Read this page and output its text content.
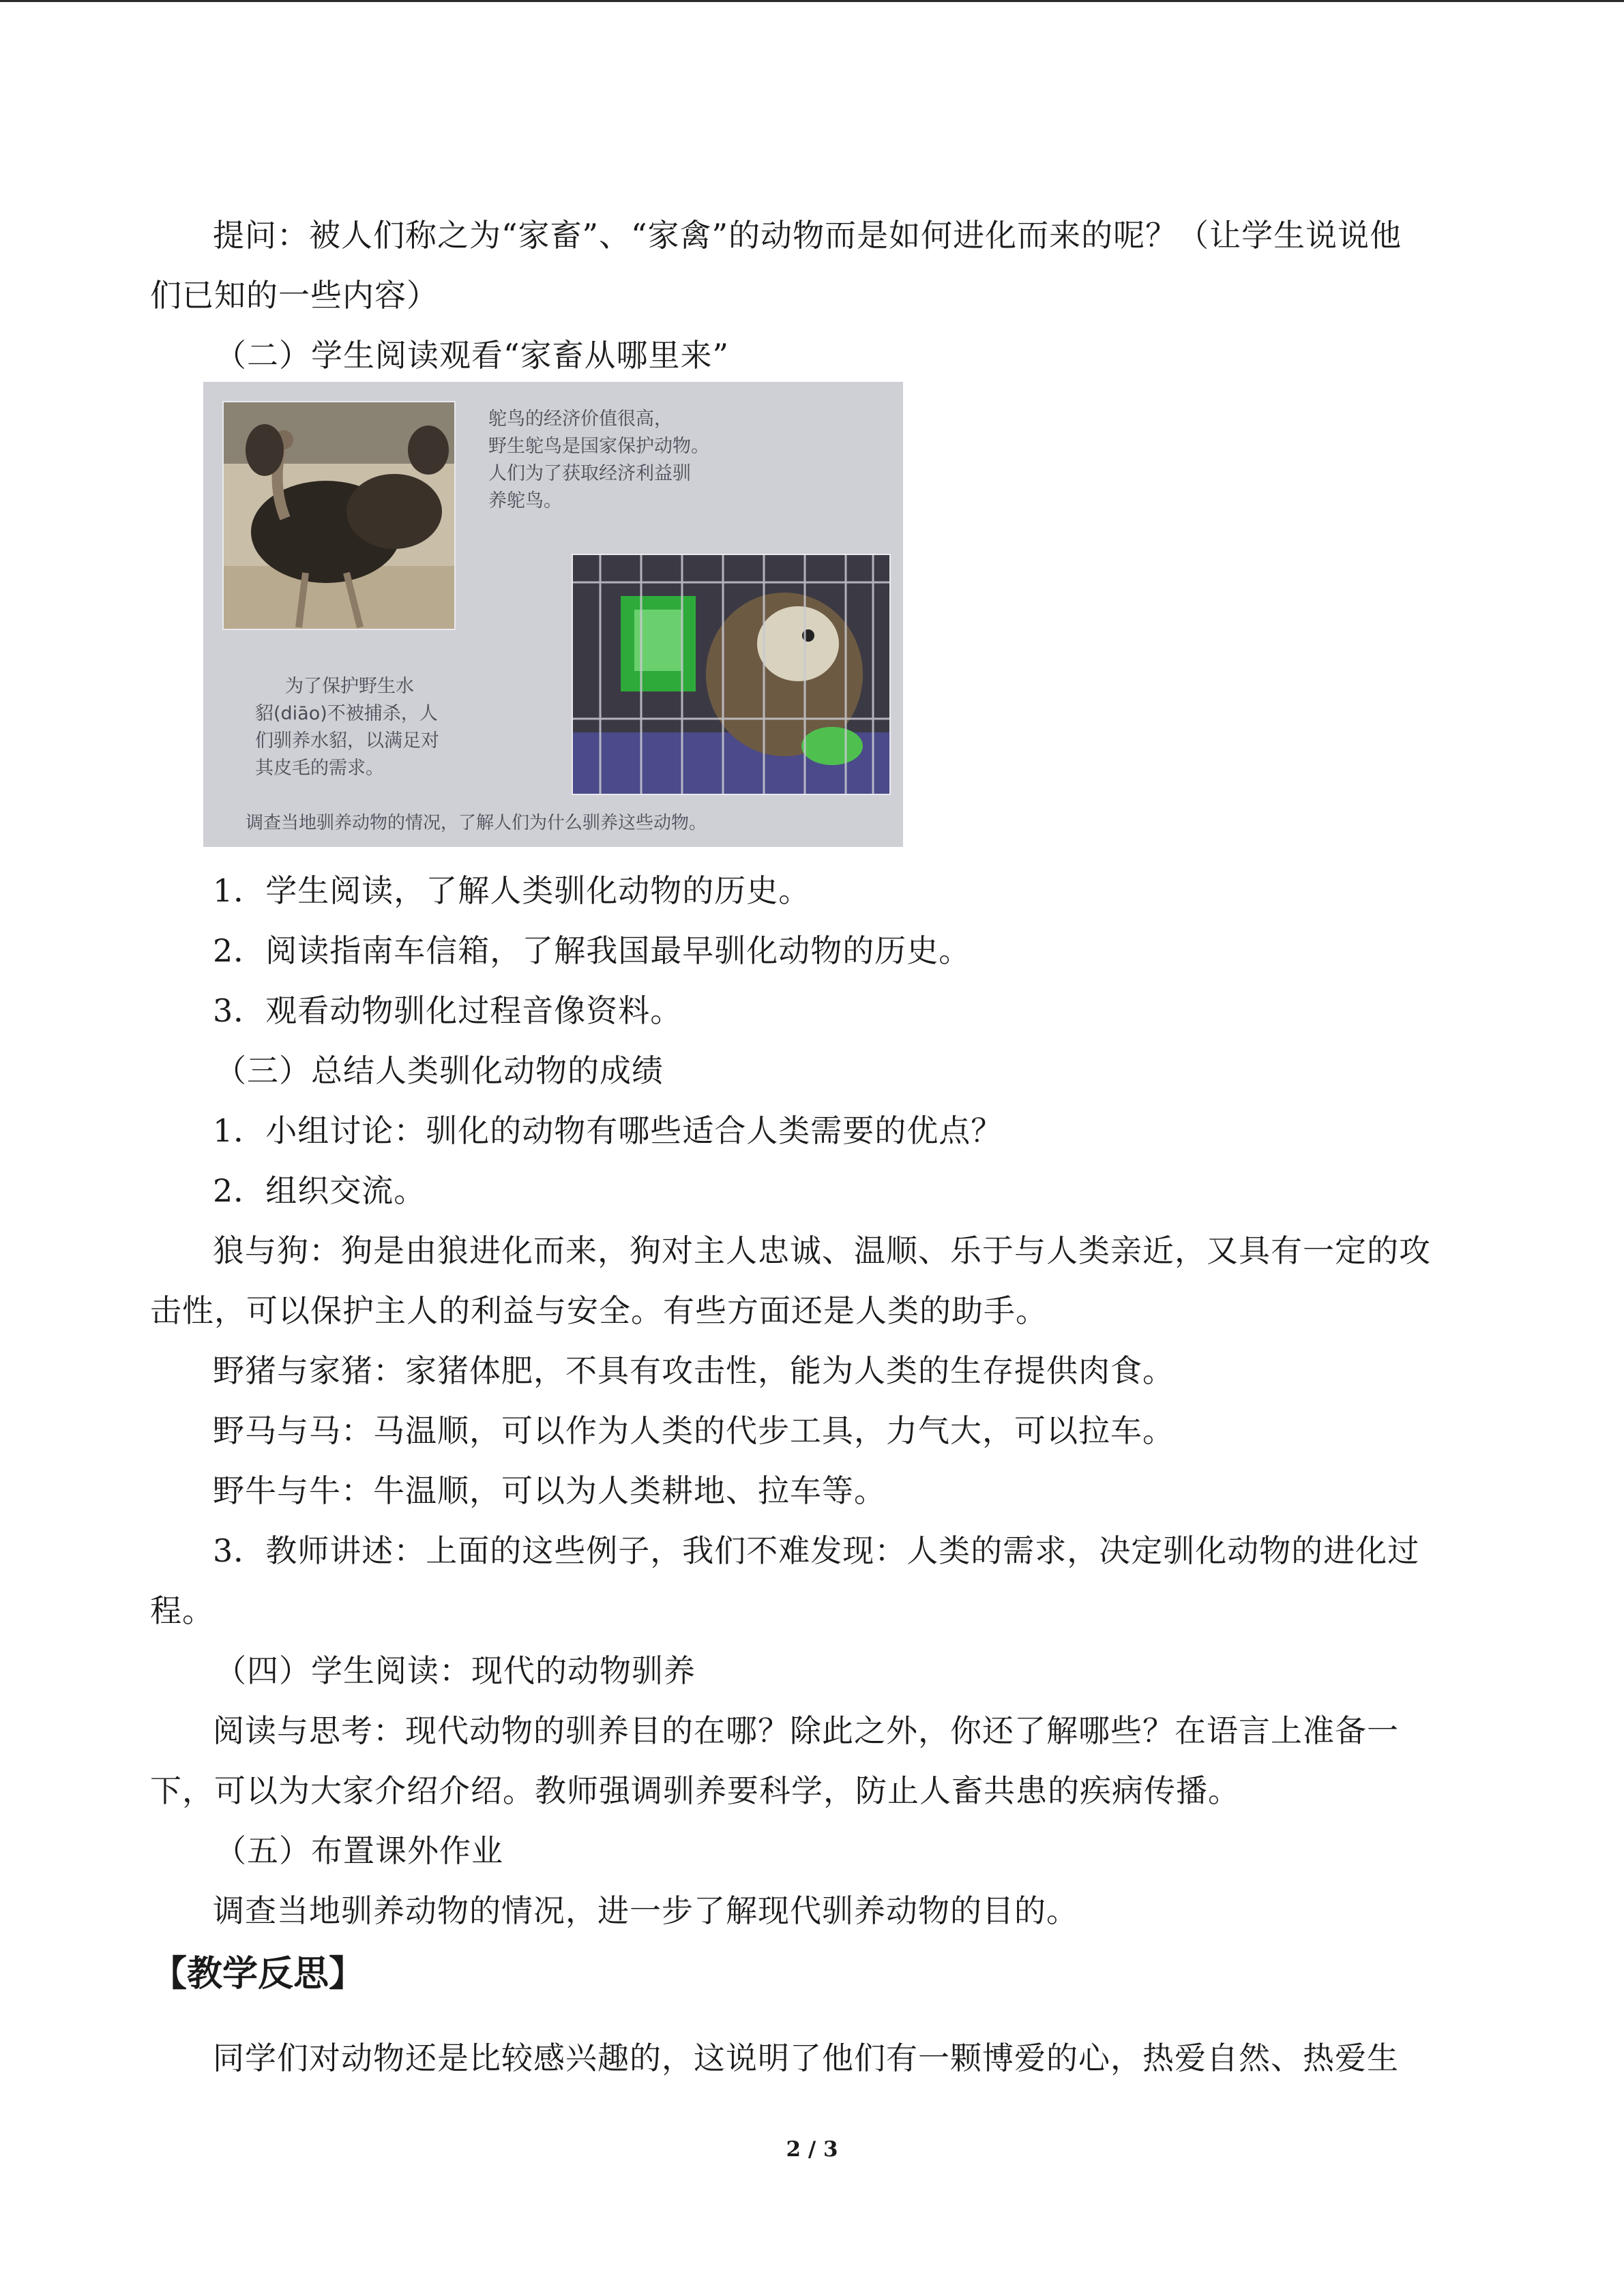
提问：被人们称之为“家畜”、“家禽”的动物而是如何进化而来的呢？（让学生说说他
们已知的一些内容）
（二）学生阅读观看“家畜从哪里来”
鸵鸟的经济价值很高，
野生鸵鸟是国家保护动物。
人们为了获取经济利益驯
养鸵鸟。
为了保护野生水
貂(diāo)不被捕杀，人
们驯养水貂，以满足对
其皮毛的需求。
调查当地驯养动物的情况，了解人们为什么驯养这些动物。
1．学生阅读，了解人类驯化动物的历史。
2．阅读指南车信箱，了解我国最早驯化动物的历史。
3．观看动物驯化过程音像资料。
（三）总结人类驯化动物的成绩
1．小组讨论：驯化的动物有哪些适合人类需要的优点？
2．组织交流。
狼与狗：狗是由狼进化而来，狗对主人忠诚、温顺、乐于与人类亲近，又具有一定的攻
击性，可以保护主人的利益与安全。有些方面还是人类的助手。
野猪与家猪：家猪体肥，不具有攻击性，能为人类的生存提供肉食。
野马与马：马温顺，可以作为人类的代步工具，力气大，可以拉车。
野牛与牛：牛温顺，可以为人类耕地、拉车等。
3．教师讲述：上面的这些例子，我们不难发现：人类的需求，决定驯化动物的进化过
程。
（四）学生阅读：现代的动物驯养
阅读与思考：现代动物的驯养目的在哪？除此之外，你还了解哪些？在语言上准备一
下，可以为大家介绍介绍。教师强调驯养要科学，防止人畜共患的疾病传播。
（五）布置课外作业
调查当地驯养动物的情况，进一步了解现代驯养动物的目的。
【教学反思】
同学们对动物还是比较感兴趣的，这说明了他们有一颗博爱的心，热爱自然、热爱生
2 / 3
